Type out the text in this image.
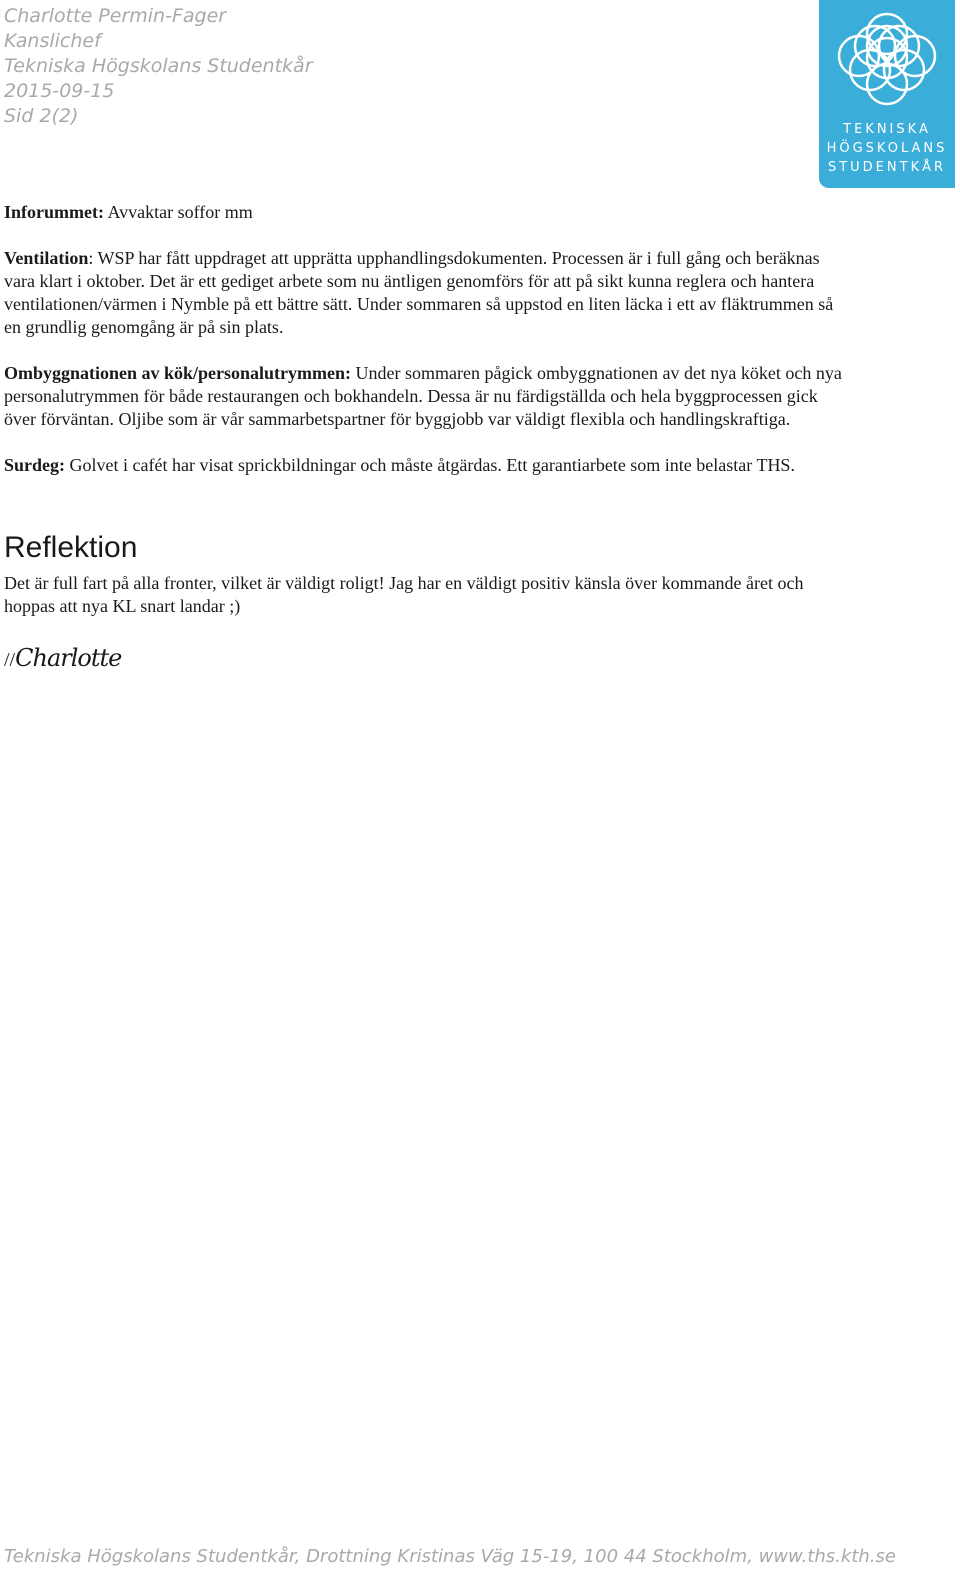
Charlotte Permin-Fager
Kanslichef
Tekniska Högskolans Studentkår
2015-09-15
Sid 2(2)
TEKNISKA
HÖGSKOLANS
STUDENTKÅR

Inforummet: Avvaktar soffor mm

Ventilation: WSP har fått uppdraget att upprätta upphandlingsdokumenten. Processen är i full gång och beräknas vara klart i oktober. Det är ett gediget arbete som nu äntligen genomförs för att på sikt kunna reglera och hantera ventilationen/värmen i Nymble på ett bättre sätt. Under sommaren så uppstod en liten läcka i ett av fläktrummen så en grundlig genomgång är på sin plats.

Ombyggnationen av kök/personalutrymmen: Under sommaren pågick ombyggnationen av det nya köket och nya personalutrymmen för både restaurangen och bokhandeln. Dessa är nu färdigställda och hela byggprocessen gick över förväntan. Oljibe som är vår sammarbetspartner för byggjobb var väldigt flexibla och handlingskraftiga.

Surdeg: Golvet i cafét har visat sprickbildningar och måste åtgärdas. Ett garantiarbete som inte belastar THS.

Reflektion

Det är full fart på alla fronter, vilket är väldigt roligt! Jag har en väldigt positiv känsla över kommande året och hoppas att nya KL snart landar ;)

//Charlotte
Tekniska Högskolans Studentkår, Drottning Kristinas Väg 15-19, 100 44 Stockholm, www.ths.kth.se
